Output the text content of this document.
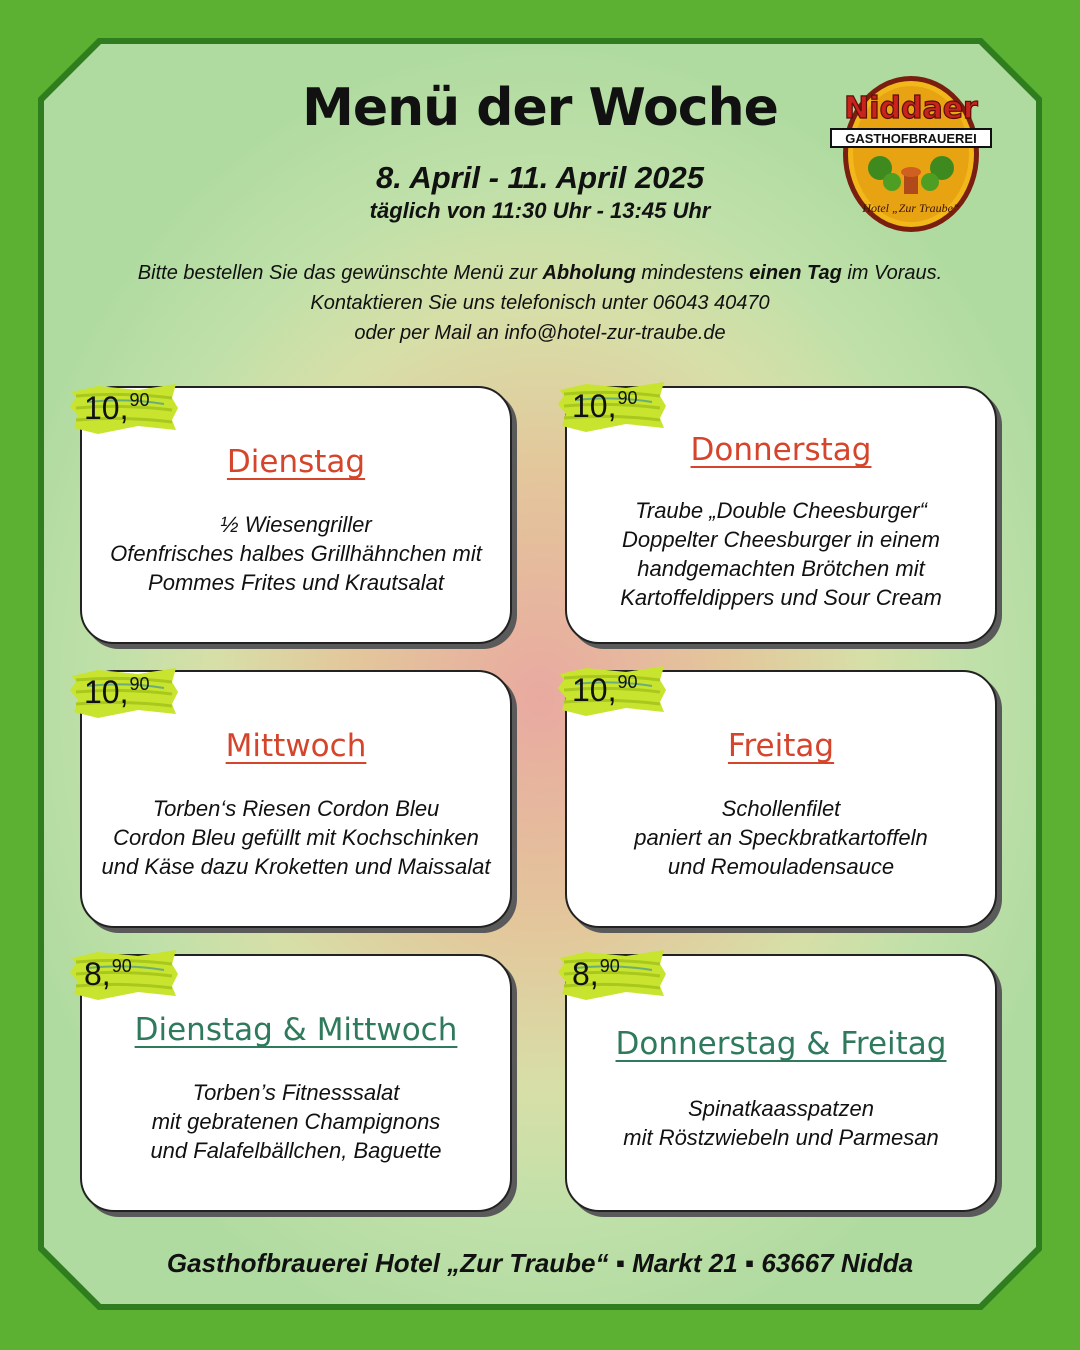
Menü der Woche
8. April - 11. April 2025
täglich von 11:30 Uhr - 13:45 Uhr
Bitte bestellen Sie das gewünschte Menü zur Abholung mindestens einen Tag im Voraus.
Kontaktieren Sie uns telefonisch unter 06043 40470
oder per Mail an info@hotel-zur-traube.de
Niddaer
GASTHOFBRAUEREI
Hotel „Zur Traube“
Dienstag
½ Wiesengriller
Ofenfrisches halbes Grillhähnchen mit
Pommes Frites und Krautsalat
10,90
Donnerstag
Traube „Double Cheesburger“
Doppelter Cheesburger in einem
handgemachten Brötchen mit
Kartoffeldippers und Sour Cream
10,90
Mittwoch
Torben‘s Riesen Cordon Bleu
Cordon Bleu gefüllt mit Kochschinken
und Käse dazu Kroketten und Maissalat
10,90
Freitag
Schollenfilet
paniert an Speckbratkartoffeln
und Remouladensauce
10,90
Dienstag & Mittwoch
Torben’s Fitnesssalat
mit gebratenen Champignons
und Falafelbällchen, Baguette
8,90
Donnerstag & Freitag
Spinatkaasspatzen
mit Röstzwiebeln und Parmesan
8,90
Gasthofbrauerei Hotel „Zur Traube“ ▪ Markt 21 ▪ 63667 Nidda
